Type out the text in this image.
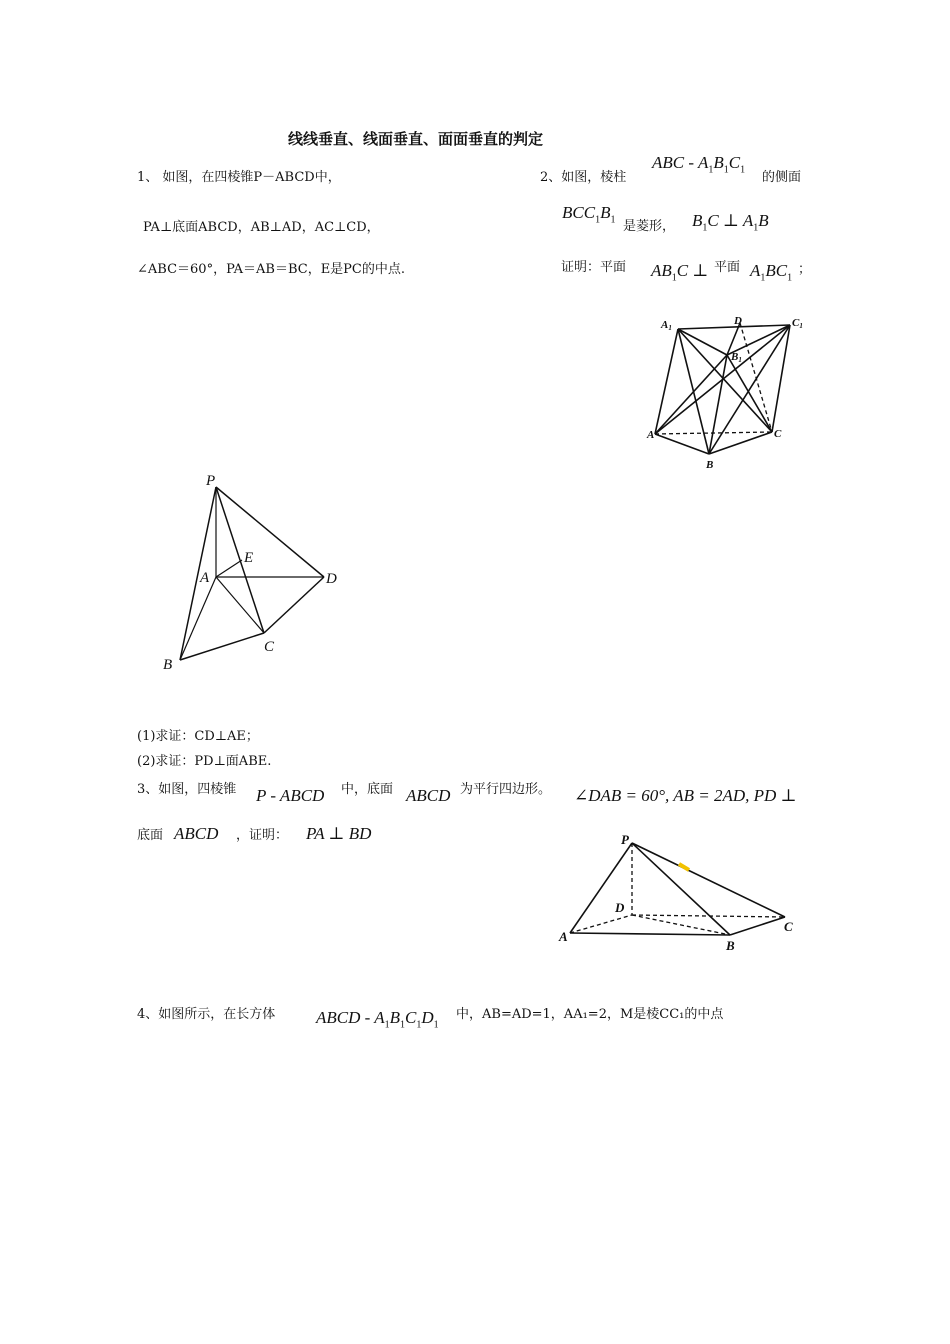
线线垂直、线面垂直、面面垂直的判定
1、 如图，在四棱锥P－ABCD中，
PA⊥底面ABCD，AB⊥AD，AC⊥CD，
∠ABC＝60°，PA＝AB＝BC，E是PC的中点.
2、如图，棱柱
ABC - $A_1B_1C_1$
的侧面
$BCC_1B_1$ 是菱形， $B_1C$ ⊥ $A_1B$
证明：平面 $AB_1C$ ⊥ 平面 $A_1BC_1$
；
A1
D	C1
B1
A	C
B
P
E
A	D
C
B
(1)求证：CD⊥AE；
(2)求证：PD⊥面ABE.
3、如图，四棱锥 P - ABCD 中，底面 ABCD 为平行四边形。 ∠DAB = 60°, AB = 2AD, PD ⊥
底面 ABCD ，证明： PA ⊥ BD	P
D
A
B
C
4、如图所示，在长方体 ABCD - $A_1B_1C_1D_1$
中，AB=AD=1，AA₁=2，M是棱CC₁的中点
